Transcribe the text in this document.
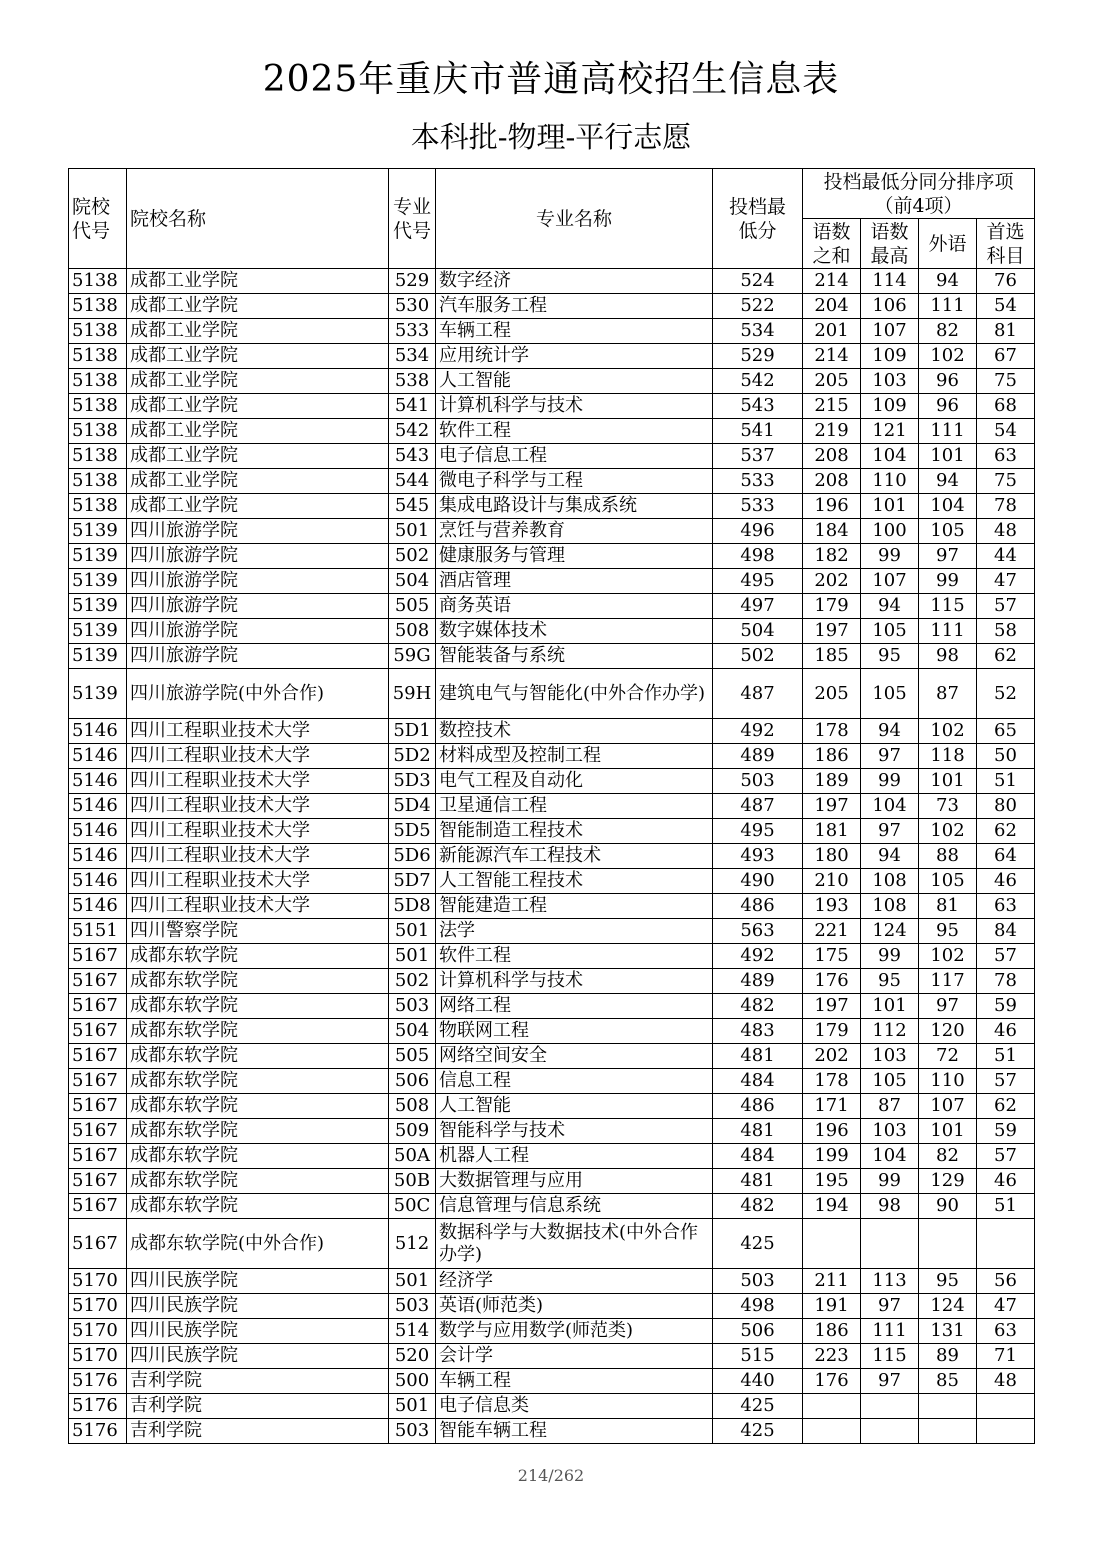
2025年重庆市普通高校招生信息表
本科批-物理-平行志愿
院校代号	院校名称	专业代号	专业名称	投档最低分	投档最低分同分排序项（前4项）			

					语数之和	语数最高	外语	首选科目

5138	成都工业学院	529	数字经济	524	214	114	94	76
5138	成都工业学院	530	汽车服务工程	522	204	106	111	54
5138	成都工业学院	533	车辆工程	534	201	107	82	81
5138	成都工业学院	534	应用统计学	529	214	109	102	67
5138	成都工业学院	538	人工智能	542	205	103	96	75
5138	成都工业学院	541	计算机科学与技术	543	215	109	96	68
5138	成都工业学院	542	软件工程	541	219	121	111	54
5138	成都工业学院	543	电子信息工程	537	208	104	101	63
5138	成都工业学院	544	微电子科学与工程	533	208	110	94	75
5138	成都工业学院	545	集成电路设计与集成系统	533	196	101	104	78
5139	四川旅游学院	501	烹饪与营养教育	496	184	100	105	48
5139	四川旅游学院	502	健康服务与管理	498	182	99	97	44
5139	四川旅游学院	504	酒店管理	495	202	107	99	47
5139	四川旅游学院	505	商务英语	497	179	94	115	57
5139	四川旅游学院	508	数字媒体技术	504	197	105	111	58
5139	四川旅游学院	59G	智能装备与系统	502	185	95	98	62
5139	四川旅游学院(中外合作)	59H	建筑电气与智能化(中外合作办学)	487	205	105	87	52
5146	四川工程职业技术大学	5D1	数控技术	492	178	94	102	65
5146	四川工程职业技术大学	5D2	材料成型及控制工程	489	186	97	118	50
5146	四川工程职业技术大学	5D3	电气工程及自动化	503	189	99	101	51
5146	四川工程职业技术大学	5D4	卫星通信工程	487	197	104	73	80
5146	四川工程职业技术大学	5D5	智能制造工程技术	495	181	97	102	62
5146	四川工程职业技术大学	5D6	新能源汽车工程技术	493	180	94	88	64
5146	四川工程职业技术大学	5D7	人工智能工程技术	490	210	108	105	46
5146	四川工程职业技术大学	5D8	智能建造工程	486	193	108	81	63
5151	四川警察学院	501	法学	563	221	124	95	84
5167	成都东软学院	501	软件工程	492	175	99	102	57
5167	成都东软学院	502	计算机科学与技术	489	176	95	117	78
5167	成都东软学院	503	网络工程	482	197	101	97	59
5167	成都东软学院	504	物联网工程	483	179	112	120	46
5167	成都东软学院	505	网络空间安全	481	202	103	72	51
5167	成都东软学院	506	信息工程	484	178	105	110	57
5167	成都东软学院	508	人工智能	486	171	87	107	62
5167	成都东软学院	509	智能科学与技术	481	196	103	101	59
5167	成都东软学院	50A	机器人工程	484	199	104	82	57
5167	成都东软学院	50B	大数据管理与应用	481	195	99	129	46
5167	成都东软学院	50C	信息管理与信息系统	482	194	98	90	51
5167	成都东软学院(中外合作)	512	数据科学与大数据技术(中外合作办学)	425				
5170	四川民族学院	501	经济学	503	211	113	95	56
5170	四川民族学院	503	英语(师范类)	498	191	97	124	47
5170	四川民族学院	514	数学与应用数学(师范类)	506	186	111	131	63
5170	四川民族学院	520	会计学	515	223	115	89	71
5176	吉利学院	500	车辆工程	440	176	97	85	48
5176	吉利学院	501	电子信息类	425				
5176	吉利学院	503	智能车辆工程	425				
214/262
